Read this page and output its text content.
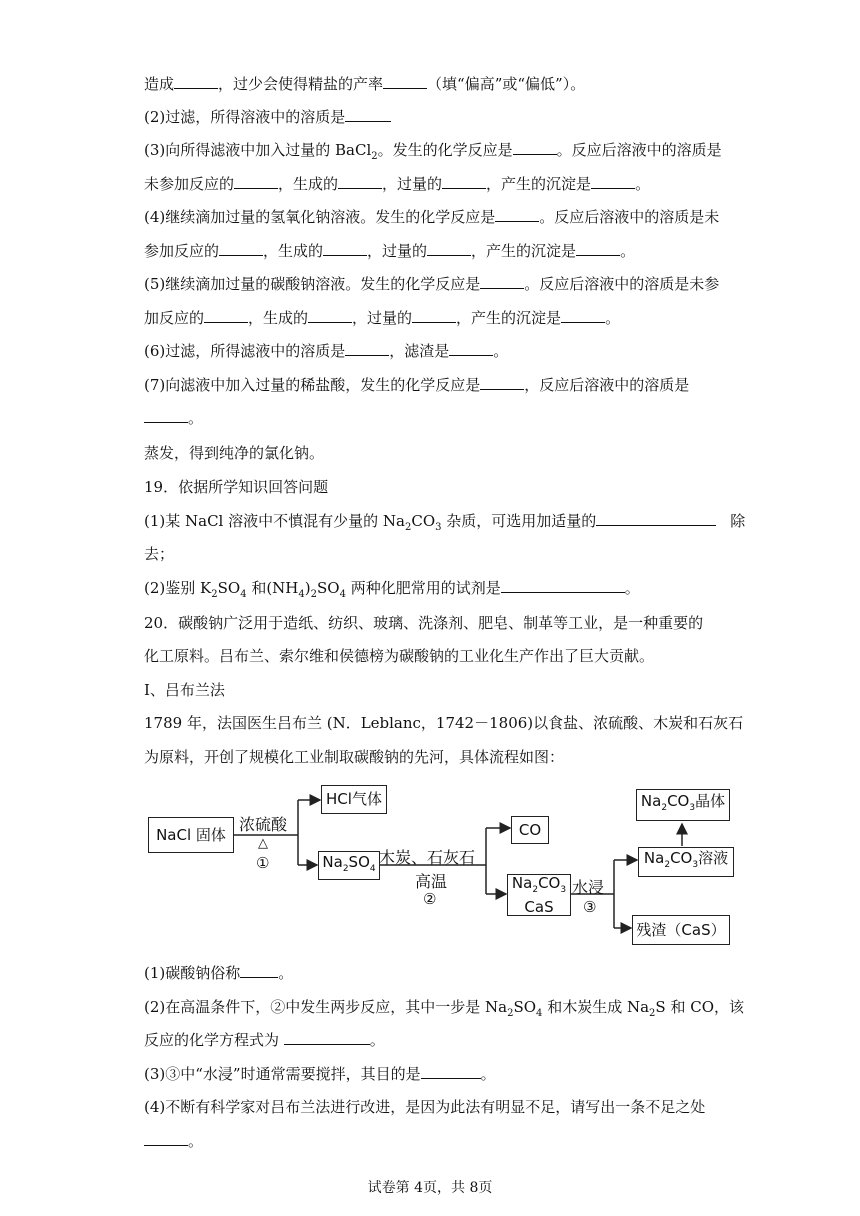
造成	，过少会使得精盐的产率	（填“偏高”或“偏低”）。
(2)过滤，所得溶液中的溶质是
(3)向所得滤液中加入过量的 BaCl$_2$。发生的化学反应是	。反应后溶液中的溶质是
未参加反应的	，生成的	，过量的	，产生的沉淀是	。
(4)继续滴加过量的氢氧化钠溶液。发生的化学反应是	。反应后溶液中的溶质是未
参加反应的	，生成的	，过量的	，产生的沉淀是	。
(5)继续滴加过量的碳酸钠溶液。发生的化学反应是	。反应后溶液中的溶质是未参
加反应的	，生成的	，过量的	，产生的沉淀是	。
(6)过滤，所得滤液中的溶质是	，滤渣是	。
(7)向滤液中加入过量的稀盐酸，发生的化学反应是	，反应后溶液中的溶质是
。
蒸发，得到纯净的氯化钠。
19．依据所学知识回答问题
(1)某 NaCl 溶液中不慎混有少量的 $Na_2CO_3$ 杂质，可选用加适量的	除
去；
(2)鉴别 $K_2SO_4$ 和$(NH_4)_2SO_4$ 两种化肥常用的试剂是	。
20．碳酸钠广泛用于造纸、纺织、玻璃、洗涤剂、肥皂、制革等工业，是一种重要的
化工原料。吕布兰、索尔维和侯德榜为碳酸钠的工业化生产作出了巨大贡献。
I、吕布兰法
1789 年，法国医生吕布兰 (N．Leblanc，1742－1806)以食盐、浓硫酸、木炭和石灰石
为原料，开创了规模化工业制取碳酸钠的先河，具体流程如图：
NaCl 固体
HCl气体
$Na_2SO_4$
CO
$Na_2CO_3$
CaS
$Na_2CO_3$晶体
$Na_2CO_3$溶液
残渣（CaS）
浓硫酸
△
①	木炭、石灰石
高温
②
水浸
③
(1)碳酸钠俗称	。
(2)在高温条件下，②中发生两步反应，其中一步是 $Na_2SO_4$ 和木炭生成 $Na_2S$ 和 CO，该
反应的化学方程式为	。
(3)③中“水浸”时通常需要搅拌，其目的是	。
(4)不断有科学家对吕布兰法进行改进，是因为此法有明显不足，请写出一条不足之处
。
试卷第 4页，共 8页
